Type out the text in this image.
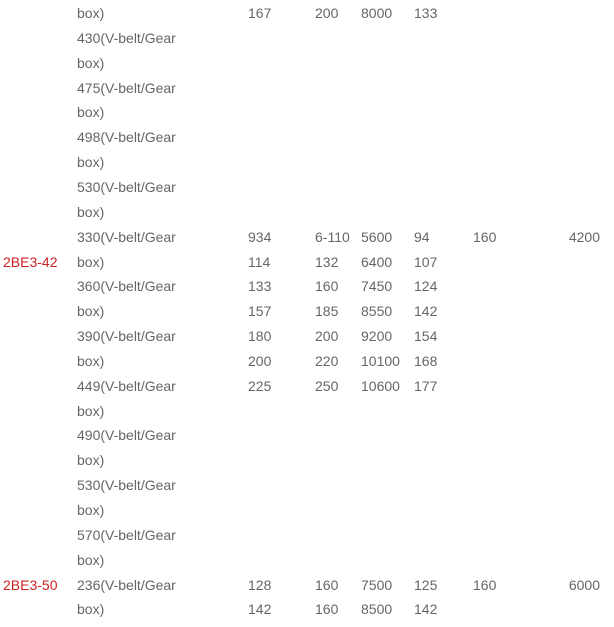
box)	167	200 8000 133
430(V-belt/Gear
box)
475(V-belt/Gear
box)
498(V-belt/Gear
box)
530(V-belt/Gear
box)
330(V-belt/Gear	934	6-110 5600 94	160	4200
2BE3-42 box)	114	132 6400 107
360(V-belt/Gear	133	160 7450 124
box)	157	185 8550 142
390(V-belt/Gear	180	200 9200 154
box)	200	220 10100 168
449(V-belt/Gear	225	250 10600 177
box)
490(V-belt/Gear
box)
530(V-belt/Gear
box)
570(V-belt/Gear
box)
2BE3-50 236(V-belt/Gear	128	160 7500 125	160	6000
box)	142	160 8500 142
